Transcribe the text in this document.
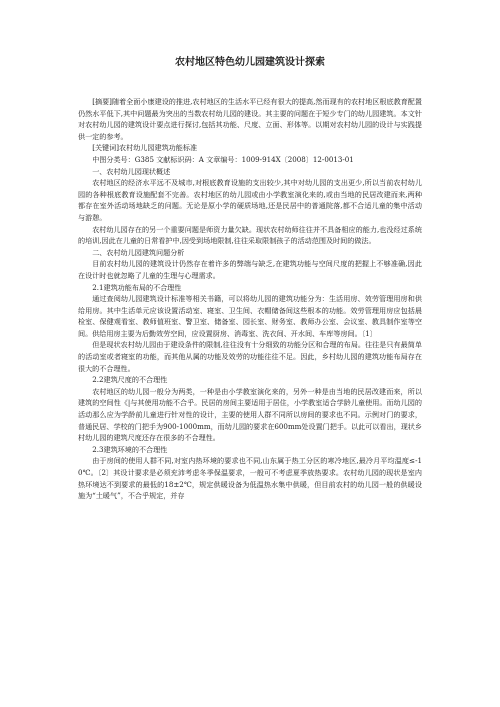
农村地区特色幼儿园建筑设计探索

[摘要]随着全面小康建设的推进,农村地区的生活水平已经有很大的提高,然而现有的农村地区根底教育配置仍然水平低下,其中问题最为突出的当数农村幼儿园的建设。其主要的问题在于短少专门的幼儿园建筑。本文针对农村幼儿园的建筑设计要点进行探讨,包括其功能、尺度、立面、形体等。以期对农村幼儿园的设计与实践提供一定的参考。

[关键词]农村幼儿园建筑功能标准

中图分类号：G385 文献标识码：A 文章编号：1009-914X〔2008〕12-0013-01

一、农村幼儿园现状概述

农村地区的经济水平远不及城市,对根底教育设施的支出较少,其中对幼儿园的支出更少,所以当前农村幼儿园的各种根底教育设施配套不完善。农村地区的幼儿园或由小学教室演化来的,或由当地的民居改建而来,两种都存在室外活动场地缺乏的问题。无论是原小学的硬质场地,还是民居中的普通院落,都不合适儿童的集中活动与游憩。

农村幼儿园存在的另一个重要问题是师资力量欠缺。现状农村幼师往往并不具备相应的能力,也没经过系统的培训,因此在儿童的日常看护中,因受到场地限制,往往采取限制孩子的活动范围及时间的做法。

二、农村幼儿园建筑问题分析

目前农村幼儿园的建筑设计仍然存在着许多的弊端与缺乏,在建筑功能与空间尺度的把握上不够准确,因此在设计时也就忽略了儿童的生理与心理需求。

2.1建筑功能布局的不合理性

通过查阅幼儿园建筑设计标准等相关书籍，可以将幼儿园的建筑功能分为：生活用房、效劳管理用房和供给用房。其中生活单元应该设置活动室、寝室、卫生间、衣帽储备间这些根本的功能。效劳管理用房应包括晨检室、保健观看室、教师值班室、警卫室、储备室、园长室、财务室、教师办公室、会议室、教具制作室等空间。供给用房主要为后勤效劳空间，应设置厨房、消毒室、洗衣间、开水间、车库等房间。〔1〕

但是现状农村幼儿园由于建设条件的限制,往往没有十分细致的功能分区和合理的布局。往往是只有最简单的活动室或者寝室的功能，而其他从属的功能及效劳的功能往往不足。因此，乡村幼儿园的建筑功能布局存在很大的不合理性。

2.2建筑尺度的不合理性

农村地区的幼儿园一般分为两类，一种是由小学教室演化来的，另外一种是由当地的民居改建而来，所以建筑的空间性《|与其使用功能不合乎。民居的房间主要适用于居住，小学教室适合学龄儿童使用。而幼儿园的活动那么应为学龄前儿童进行针对性的设计，主要的使用人群不同所以房间的要求也不同。示例对门的要求，普通民居、学校的门把手为900-1000mm，而幼儿园的要求在600mm处设置门把手。以此可以看出，现状乡村幼儿园的建筑尺度还存在很多的不合理性。

2.3建筑环境的不合理性

由于房间的使用人群不同,对室内热环境的要求也不同,山东属于热工分区的寒冷地区,最冷月平均温度≤-10℃。〔2〕其设计要求是必须充沛考虑冬季保温要求，一般可不考虑夏季放热要求。农村幼儿园的现状是室内热环境达不到要求的最低的18±2℃，规定供暖设备为低温热水集中供暖，但目前农村的幼儿园一般的供暖设施为“土暖气”，不合乎规定，并存
